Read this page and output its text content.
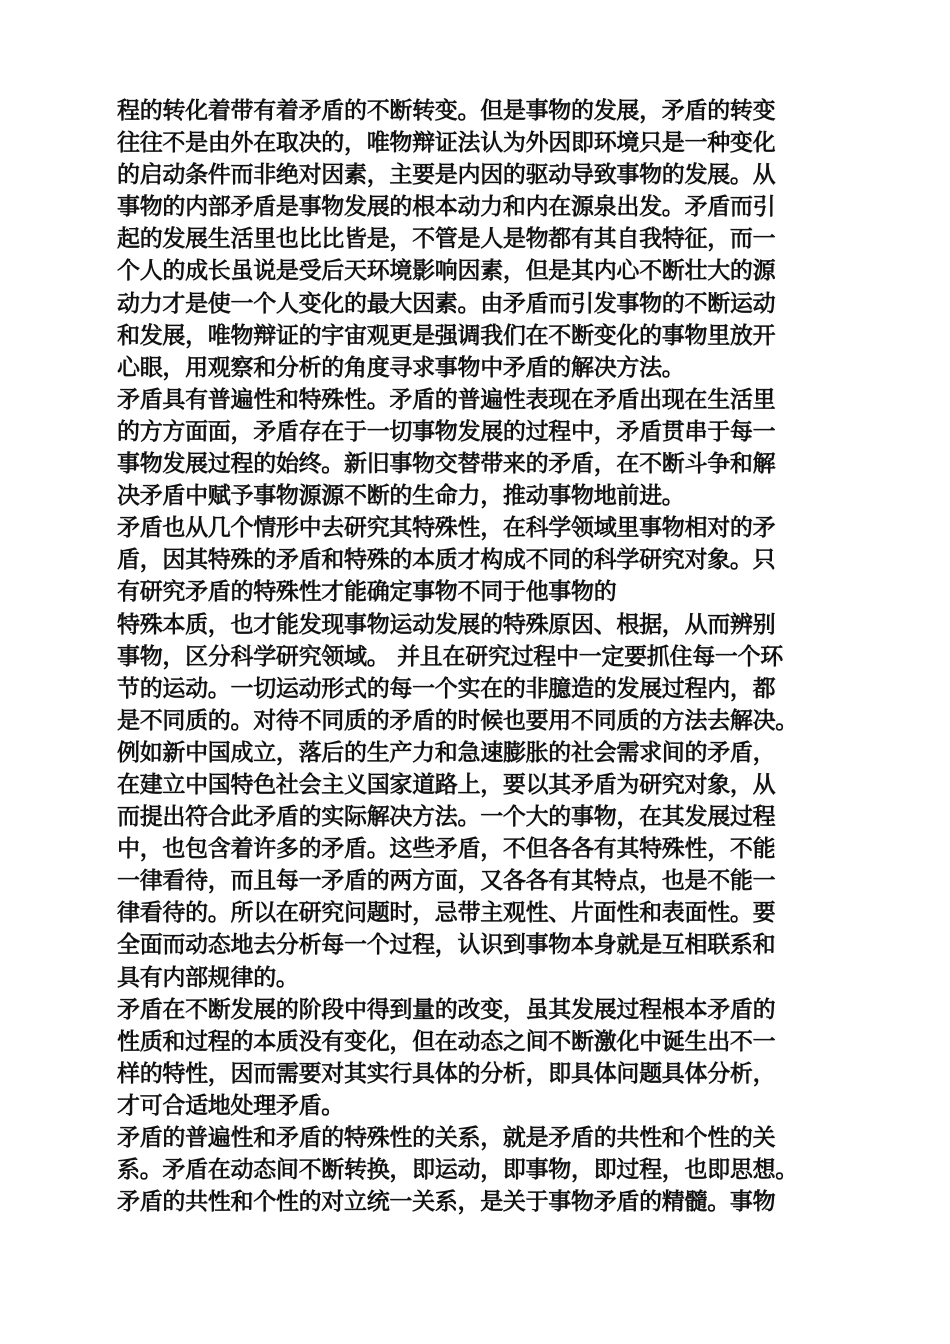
程的转化着带有着矛盾的不断转变。但是事物的发展，矛盾的转变
往往不是由外在取决的，唯物辩证法认为外因即环境只是一种变化
的启动条件而非绝对因素，主要是内因的驱动导致事物的发展。从
事物的内部矛盾是事物发展的根本动力和内在源泉出发。矛盾而引
起的发展生活里也比比皆是，不管是人是物都有其自我特征，而一
个人的成长虽说是受后天环境影响因素，但是其内心不断壮大的源
动力才是使一个人变化的最大因素。由矛盾而引发事物的不断运动
和发展，唯物辩证的宇宙观更是强调我们在不断变化的事物里放开
心眼，用观察和分析的角度寻求事物中矛盾的解决方法。
矛盾具有普遍性和特殊性。矛盾的普遍性表现在矛盾出现在生活里
的方方面面，矛盾存在于一切事物发展的过程中，矛盾贯串于每一
事物发展过程的始终。新旧事物交替带来的矛盾，在不断斗争和解
决矛盾中赋予事物源源不断的生命力，推动事物地前进。
矛盾也从几个情形中去研究其特殊性，在科学领域里事物相对的矛
盾，因其特殊的矛盾和特殊的本质才构成不同的科学研究对象。只
有研究矛盾的特殊性才能确定事物不同于他事物的
特殊本质，也才能发现事物运动发展的特殊原因、根据，从而辨别
事物，区分科学研究领域。 并且在研究过程中一定要抓住每一个环
节的运动。一切运动形式的每一个实在的非臆造的发展过程内，都
是不同质的。对待不同质的矛盾的时候也要用不同质的方法去解决。
例如新中国成立，落后的生产力和急速膨胀的社会需求间的矛盾，
在建立中国特色社会主义国家道路上，要以其矛盾为研究对象，从
而提出符合此矛盾的实际解决方法。一个大的事物，在其发展过程
中，也包含着许多的矛盾。这些矛盾，不但各各有其特殊性，不能
一律看待，而且每一矛盾的两方面，又各各有其特点，也是不能一
律看待的。所以在研究问题时，忌带主观性、片面性和表面性。要
全面而动态地去分析每一个过程，认识到事物本身就是互相联系和
具有内部规律的。
矛盾在不断发展的阶段中得到量的改变，虽其发展过程根本矛盾的
性质和过程的本质没有变化，但在动态之间不断激化中诞生出不一
样的特性，因而需要对其实行具体的分析，即具体问题具体分析，
才可合适地处理矛盾。
矛盾的普遍性和矛盾的特殊性的关系，就是矛盾的共性和个性的关
系。矛盾在动态间不断转换，即运动，即事物，即过程，也即思想。
矛盾的共性和个性的对立统一关系，是关于事物矛盾的精髓。事物
